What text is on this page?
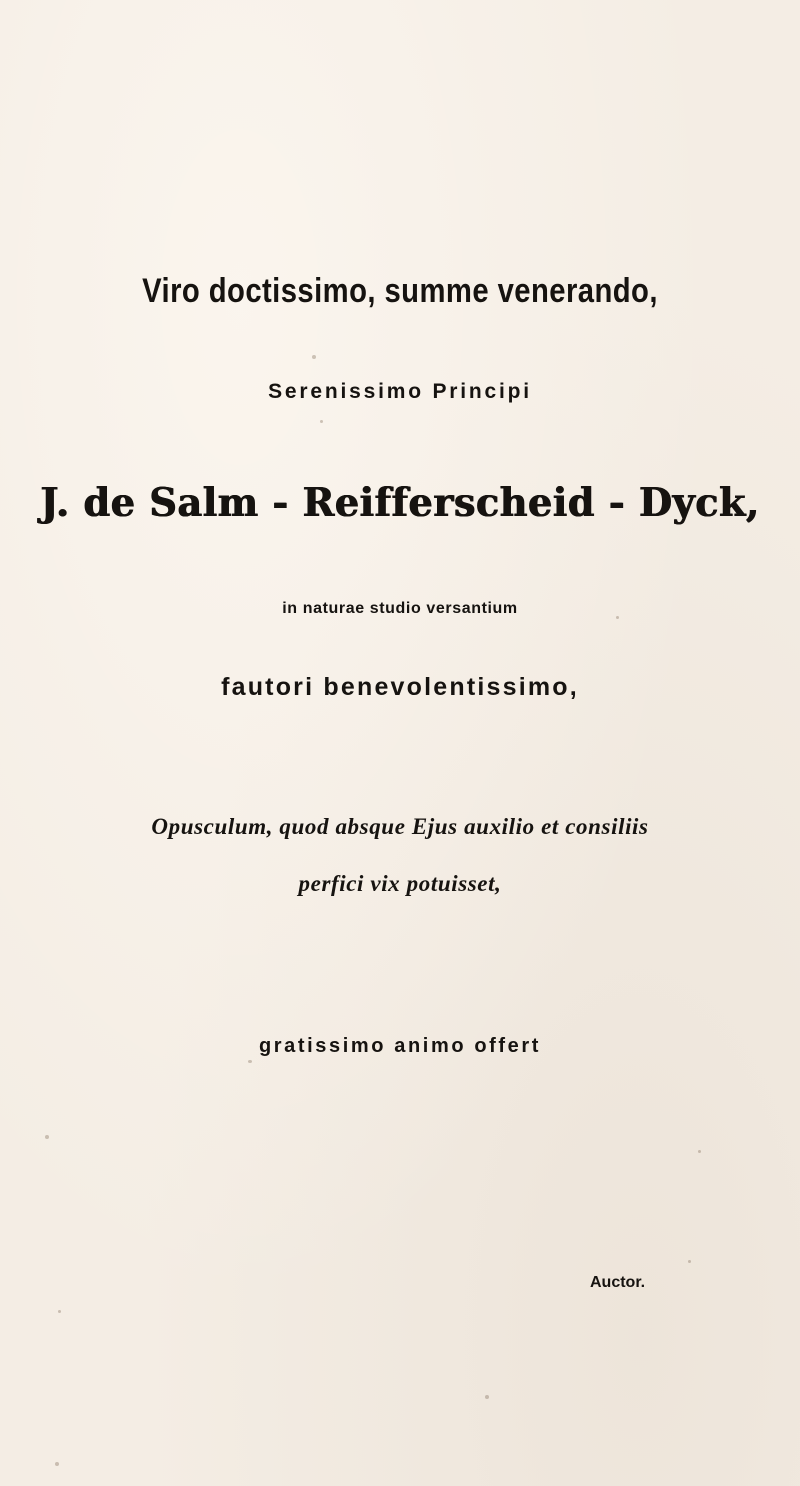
Viro doctissimo, summe venerando,
Serenissimo Principi
J. de Salm - Reifferscheid - Dyck,
in naturae studio versantium
fautori benevolentissimo,
Opusculum, quod absque Ejus auxilio et consiliis
perfici vix potuisset,
gratissimo animo offert
Auctor.
